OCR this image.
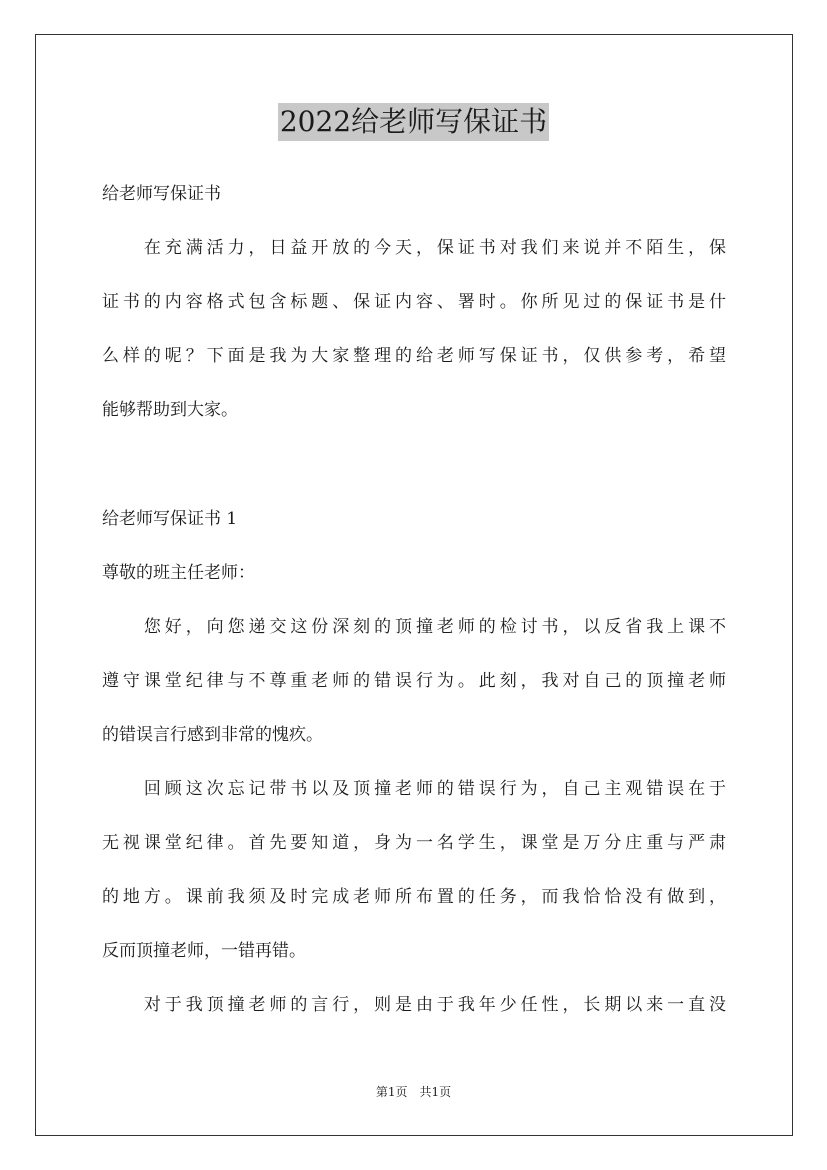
2022给老师写保证书
给老师写保证书
　　在充满活力，日益开放的今天，保证书对我们来说并不陌生，保
证书的内容格式包含标题、保证内容、署时。你所见过的保证书是什
么样的呢？下面是我为大家整理的给老师写保证书，仅供参考，希望
能够帮助到大家。
给老师写保证书 1
尊敬的班主任老师：
　　您好，向您递交这份深刻的顶撞老师的检讨书，以反省我上课不
遵守课堂纪律与不尊重老师的错误行为。此刻，我对自己的顶撞老师
的错误言行感到非常的愧疚。
　　回顾这次忘记带书以及顶撞老师的错误行为，自己主观错误在于
无视课堂纪律。首先要知道，身为一名学生，课堂是万分庄重与严肃
的地方。课前我须及时完成老师所布置的任务，而我恰恰没有做到，
反而顶撞老师，一错再错。
　　对于我顶撞老师的言行，则是由于我年少任性，长期以来一直没
第1页　共1页
